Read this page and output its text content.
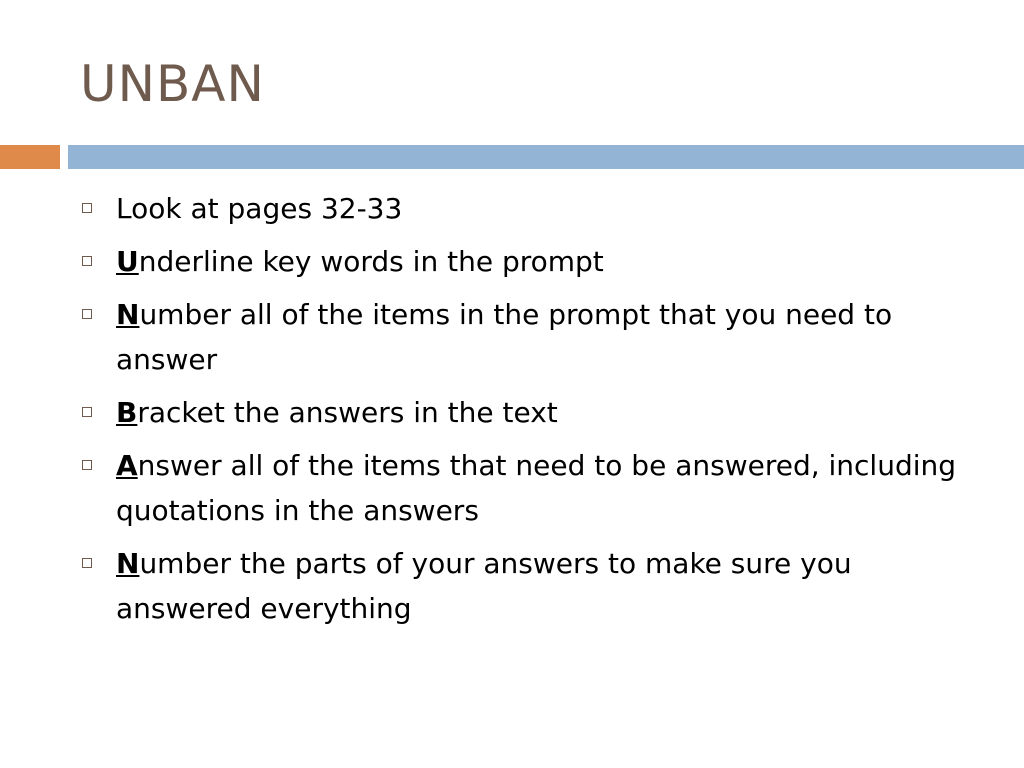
UNBAN
Look at pages 32-33
Underline key words in the prompt
Number all of the items in the prompt that you need to answer
Bracket the answers in the text
Answer all of the items that need to be answered, including quotations in the answers
Number the parts of your answers to make sure you answered everything
